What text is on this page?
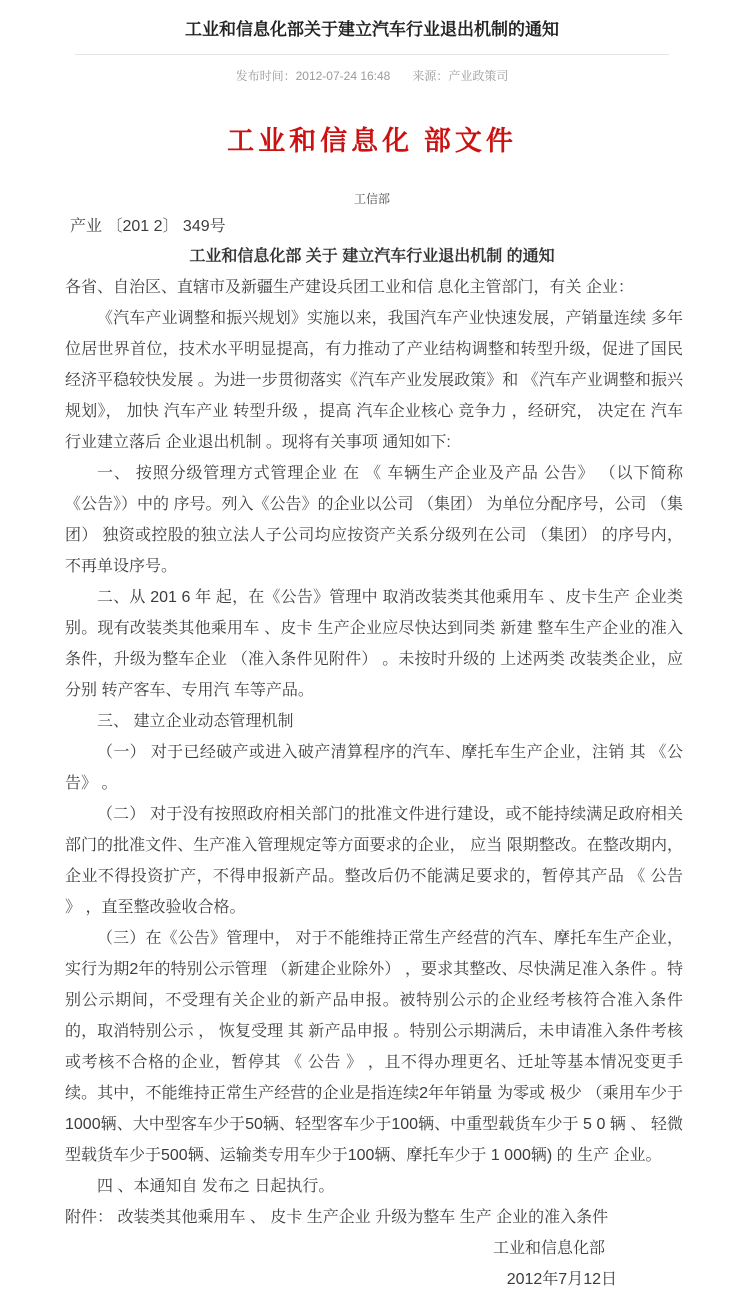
工业和信息化部关于建立汽车行业退出机制的通知
发布时间：2012-07-24 16:48 来源：产业政策司
工业和信息化 部文件
工信部
产业 〔201 2〕 349号
工业和信息化部 关于 建立汽车行业退出机制 的通知

各省、自治区、直辖市及新疆生产建设兵团工业和信 息化主管部门，有关 企业：

《汽车产业调整和振兴规划》实施以来，我国汽车产业快速发展，产销量连续 多年 位居世界首位，技术水平明显提高，有力推动了产业结构调整和转型升级，促进了国民经济平稳较快发展 。为进一步贯彻落实《汽车产业发展政策》和 《汽车产业调整和振兴规划》， 加快 汽车产业 转型升级 ，提高 汽车企业核心 竞争力 ，经研究， 决定在 汽车 行业建立落后 企业退出机制 。现将有关事项 通知如下:

一、 按照分级管理方式管理企业 在 《 车辆生产企业及产品 公告》 （以下简称《公告》）中的 序号。列入《公告》的企业以公司 （集团） 为单位分配序号，公司 （集团） 独资或控股的独立法人子公司均应按资产关系分级列在公司 （集团） 的序号内，不再单设序号。

二、从 201 6 年 起，在《公告》管理中 取消改装类其他乘用车 、皮卡生产 企业类别。现有改装类其他乘用车 、皮卡 生产企业应尽快达到同类 新建 整车生产企业的准入条件，升级为整车企业 （准入条件见附件） 。未按时升级的 上述两类 改装类企业，应 分别 转产客车、专用汽 车等产品。

三、 建立企业动态管理机制

（一） 对于已经破产或进入破产清算程序的汽车、摩托车生产企业，注销 其 《公告》 。

（二） 对于没有按照政府相关部门的批准文件进行建设，或不能持续满足政府相关部门的批准文件、生产准入管理规定等方面要求的企业， 应当 限期整改。在整改期内，企业不得投资扩产，不得申报新产品。整改后仍不能满足要求的，暂停其产品 《 公告 》 ，直至整改验收合格。

（三）在《公告》管理中， 对于不能维持正常生产经营的汽车、摩托车生产企业，实行为期2年的特别公示管理 （新建企业除外） ，要求其整改、尽快满足准入条件 。特别公示期间，不受理有关企业的新产品申报。被特别公示的企业经考核符合准入条件的，取消特别公示 ， 恢复受理 其 新产品申报 。特别公示期满后，未申请准入条件考核或考核不合格的企业，暂停其 《 公告 》 ，且不得办理更名、迁址等基本情况变更手续。其中，不能维持正常生产经营的企业是指连续2年年销量 为零或 极少 （乘用车少于1000辆、大中型客车少于50辆、轻型客车少于100辆、中重型载货车少于 5 0 辆 、 轻微型载货车少于500辆、运输类专用车少于100辆、摩托车少于 1 000辆) 的 生产 企业。

四 、本通知自 发布之 日起执行。

附件： 改装类其他乘用车 、 皮卡 生产企业 升级为整车 生产 企业的准入条件

工业和信息化部

2012年7月12日
